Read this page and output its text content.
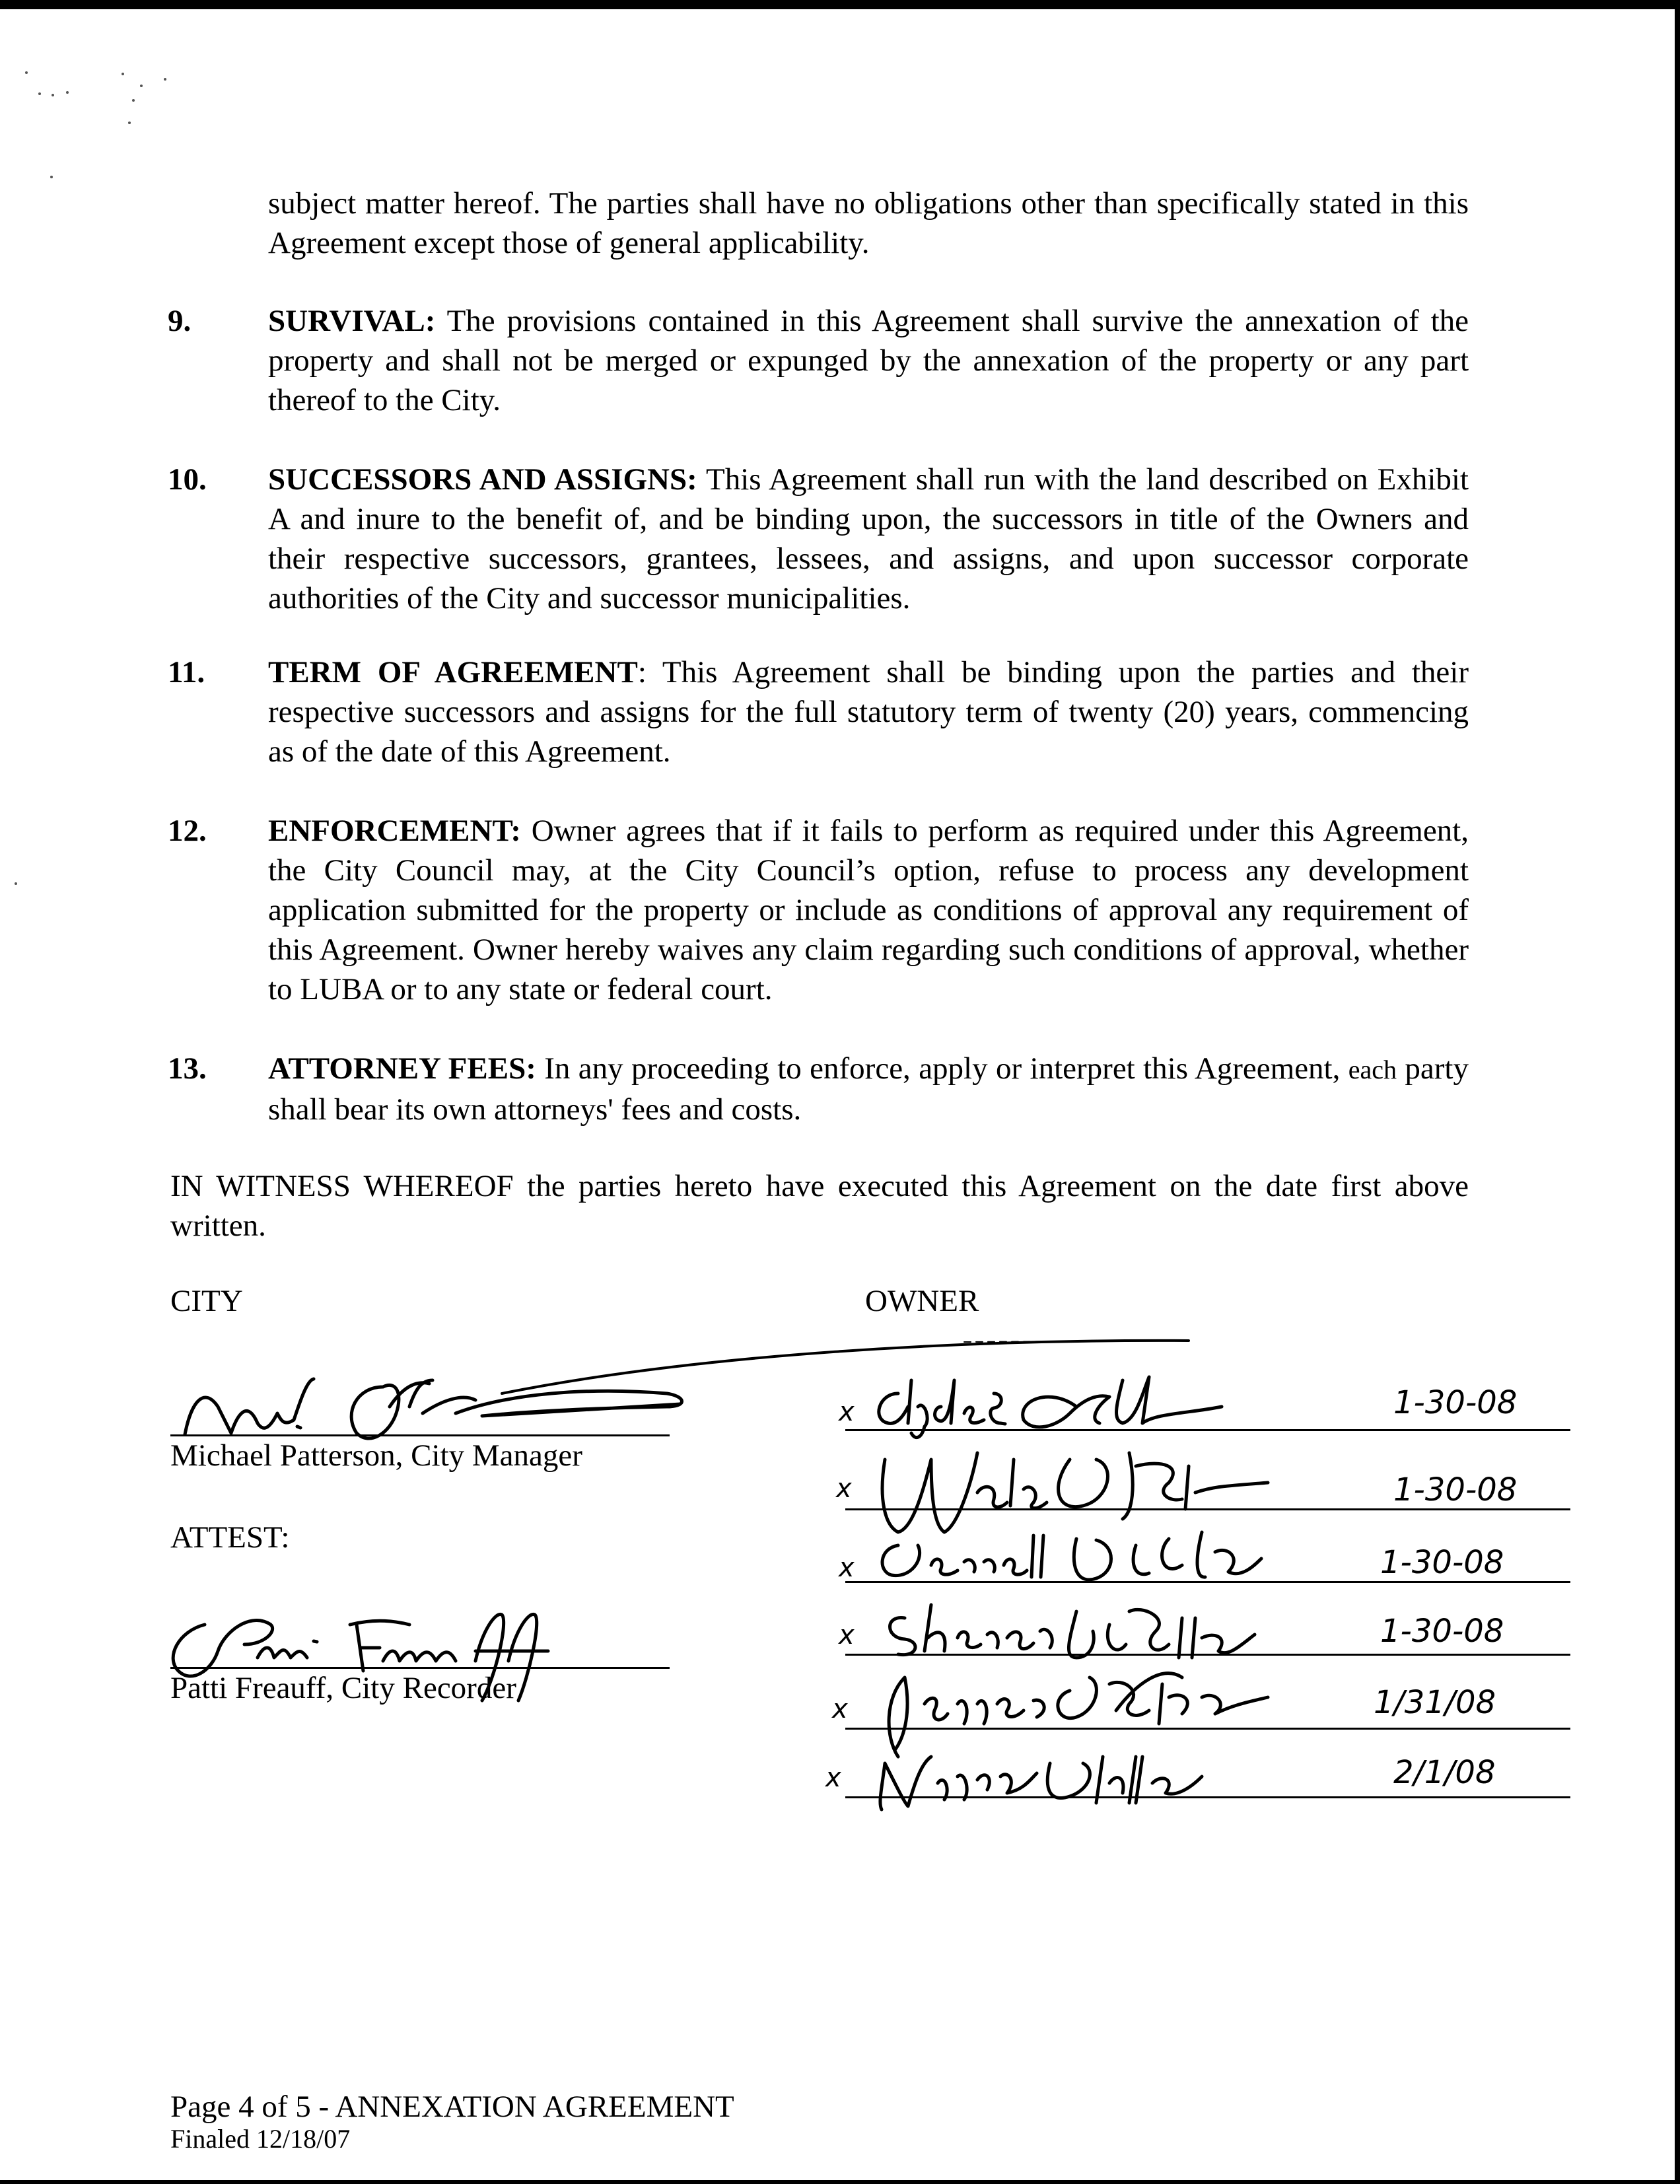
subject matter hereof. The parties shall have no obligations other than specifically stated in this Agreement except those of general applicability.
9. SURVIVAL: The provisions contained in this Agreement shall survive the annexation of the property and shall not be merged or expunged by the annexation of the property or any part thereof to the City.
10. SUCCESSORS AND ASSIGNS: This Agreement shall run with the land described on Exhibit A and inure to the benefit of, and be binding upon, the successors in title of the Owners and their respective successors, grantees, lessees, and assigns, and upon successor corporate authorities of the City and successor municipalities.
11. TERM OF AGREEMENT: This Agreement shall be binding upon the parties and their respective successors and assigns for the full statutory term of twenty (20) years, commencing as of the date of this Agreement.
12. ENFORCEMENT: Owner agrees that if it fails to perform as required under this Agreement, the City Council may, at the City Council’s option, refuse to process any development application submitted for the property or include as conditions of approval any requirement of this Agreement. Owner hereby waives any claim regarding such conditions of approval, whether to LUBA or to any state or federal court.
13. ATTORNEY FEES: In any proceeding to enforce, apply or interpret this Agreement, each party shall bear its own attorneys' fees and costs.
IN WITNESS WHEREOF the parties hereto have executed this Agreement on the date first above written.
CITY	OWNER
Michael Patterson, City Manager
ATTEST:
Patti Freauff, City Recorder
x
x
x
x
x
x
1-30-08
1-30-08
1-30-08
1-30-08
1/31/08
2/1/08
Page 4 of 5 - ANNEXATION AGREEMENT
Finaled 12/18/07
